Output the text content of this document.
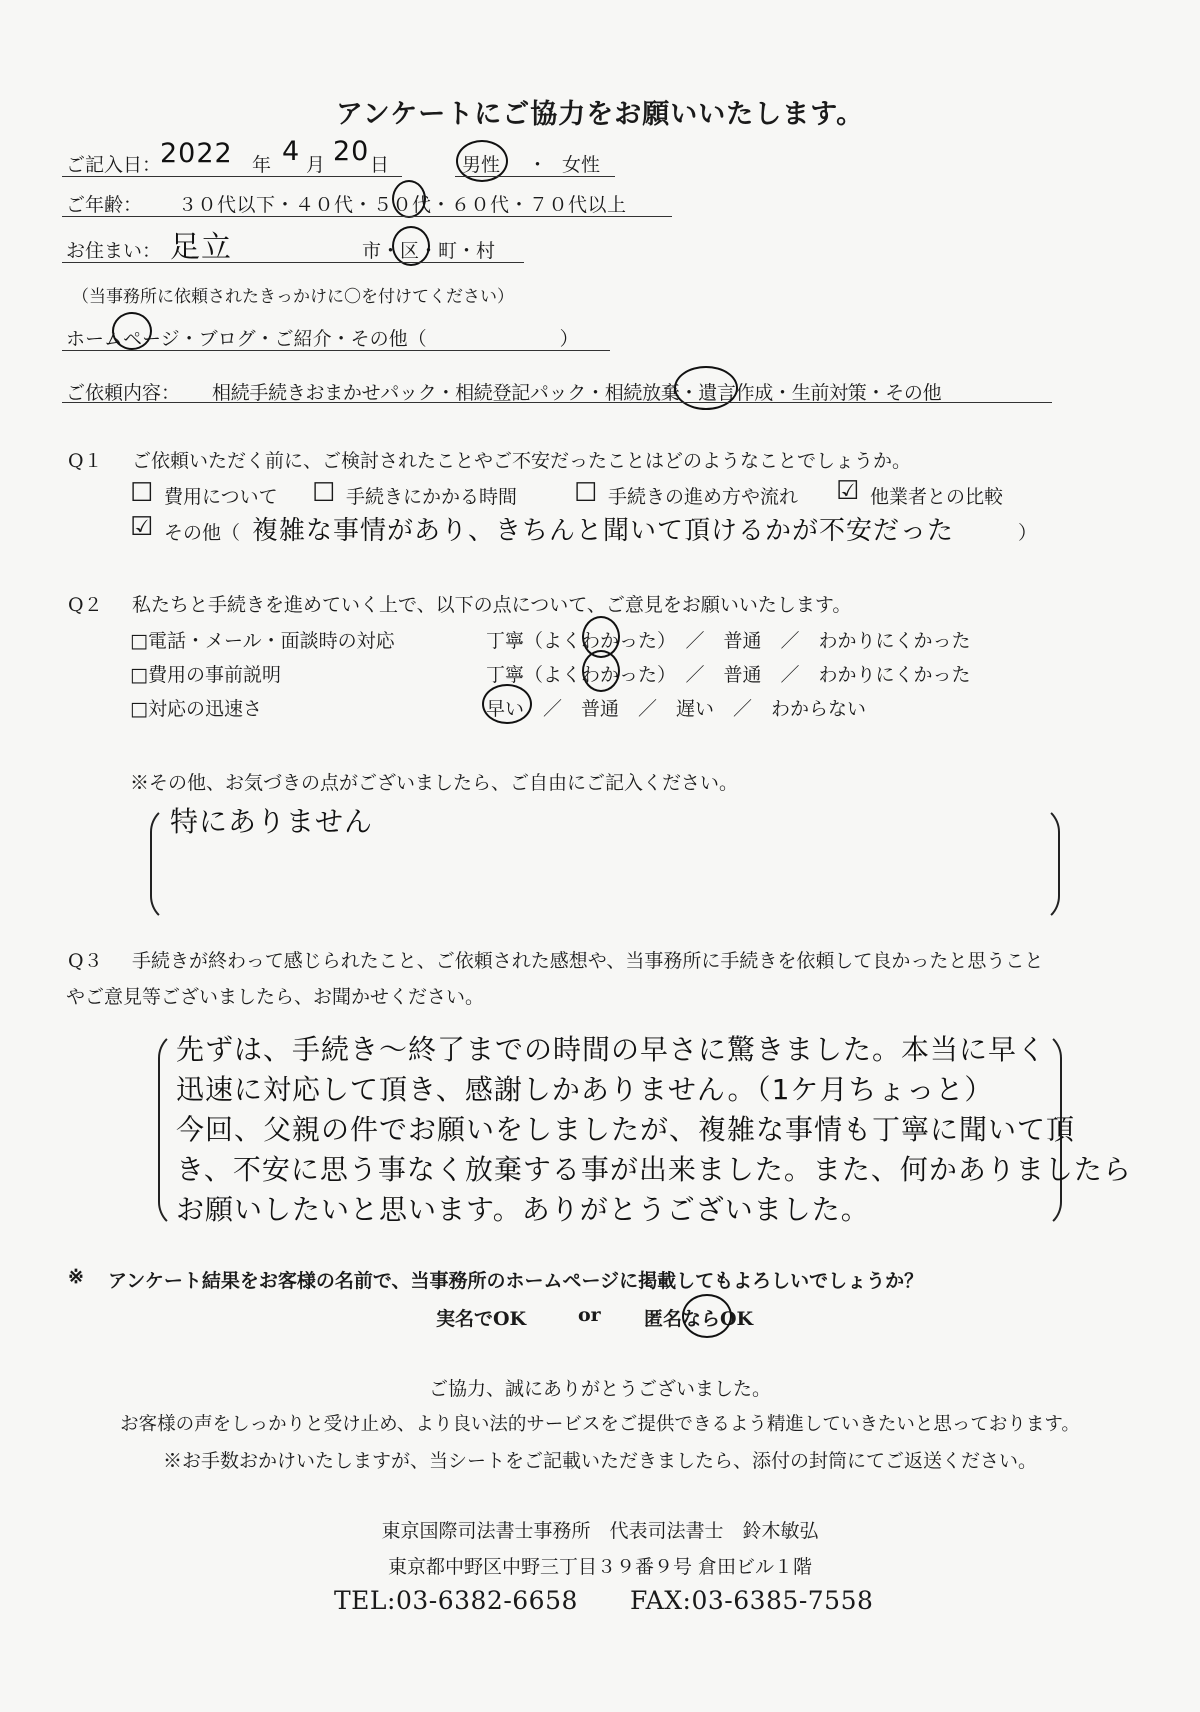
アンケートにご協力をお願いいたします。
ご記入日：
2022 年 4 月 20 日	男性 ・ 女性
ご年齢： ３０代以下・４０代・５０代・６０代・７０代以上
お住まい： 足立	市・区・町・村
（当事務所に依頼されたきっかけに〇を付けてください）
ホームページ・ブログ・ご紹介・その他（　　　　　　　）
ご依頼内容： 相続手続きおまかせパック・相続登記パック・相続放棄・遺言作成・生前対策・その他
Q１ ご依頼いただく前に、ご検討されたことやご不安だったことはどのようなことでしょうか。
☐ 費用について ☐ 手続きにかかる時間 ☐ 手続きの進め方や流れ ☑ 他業者との比較
☑ その他（ 複雑な事情があり、きちんと聞いて頂けるかが不安だった	）
Q２ 私たちと手続きを進めていく上で、以下の点について、ご意見をお願いいたします。
□電話・メール・面談時の対応	丁寧（よくわかった）　／　普通　／　わかりにくかった
□費用の事前説明	丁寧（よくわかった）　／　普通　／　わかりにくかった
□対応の迅速さ	早い　／　普通　／　遅い　／　わからない
※その他、お気づきの点がございましたら、ご自由にご記入ください。
特にありません

Q３ 手続きが終わって感じられたこと、ご依頼された感想や、当事務所に手続きを依頼して良かったと思うこと
やご意見等ございましたら、お聞かせください。
先ずは、手続き〜終了までの時間の早さに驚きました。本当に早く
迅速に対応して頂き、感謝しかありません。（1ケ月ちょっと）
今回、父親の件でお願いをしましたが、複雑な事情も丁寧に聞いて頂
き、不安に思う事なく放棄する事が出来ました。また、何かありましたら
お願いしたいと思います。ありがとうございました。
※ アンケート結果をお客様の名前で、当事務所のホームページに掲載してもよろしいでしょうか？
実名でOK	or 匿名ならOK
ご協力、誠にありがとうございました。
お客様の声をしっかりと受け止め、より良い法的サービスをご提供できるよう精進していきたいと思っております。
※お手数おかけいたしますが、当シートをご記載いただきましたら、添付の封筒にてご返送ください。
東京国際司法書士事務所　代表司法書士　鈴木敏弘
東京都中野区中野三丁目３９番９号 倉田ビル１階
TEL:03-6382-6658 FAX:03-6385-7558
